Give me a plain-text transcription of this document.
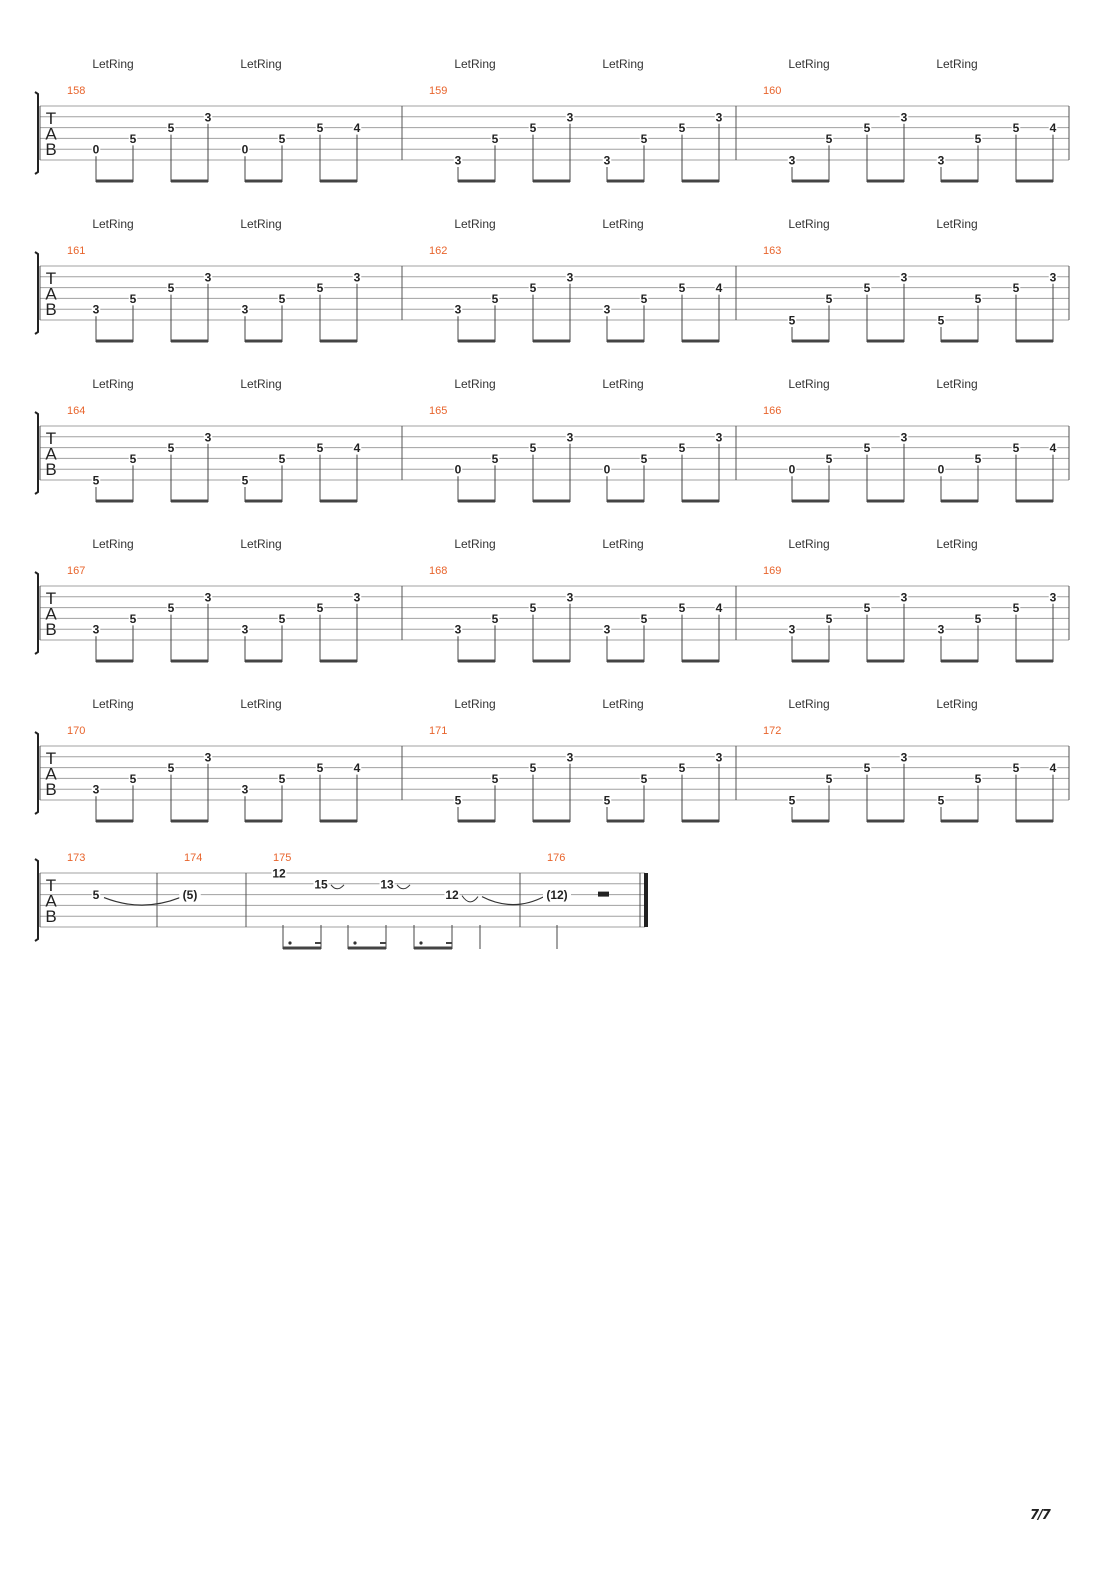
T
A
B
158
LetRing	LetRing
0
5
5
3
0
5
5	4
159
LetRing	LetRing
3
5
5
3
3
5
5
3
160
LetRing	LetRing
3
5
5
3
3
5
5	4
T
A
B
161
LetRing	LetRing
3
5
5
3
3
5
5
3
162
LetRing	LetRing
3
5
5
3
3
5
5	4
163
LetRing	LetRing
5
5
5
3
5
5
5
3
T
A
B
164
LetRing	LetRing
5
5
5
3
5
5
5	4
165
LetRing	LetRing
0
5
5
3
0
5
5
3
166
LetRing	LetRing
0
5
5
3
0
5
5	4
T
A
B
167
LetRing	LetRing
3
5
5
3
3
5
5
3
168
LetRing	LetRing
3
5
5
3
3
5
5	4
169
LetRing	LetRing
3
5
5
3
3
5
5
3
T
A
B
170
LetRing	LetRing
3
5
5
3
3
5
5	4
171
LetRing	LetRing
5
5
5
3
5
5
5
3
172
LetRing	LetRing
5
5
5
3
5
5
5	4
T
A
B
173	174	175	176
5	(5)
12
15	13
12	(12)
7/7
